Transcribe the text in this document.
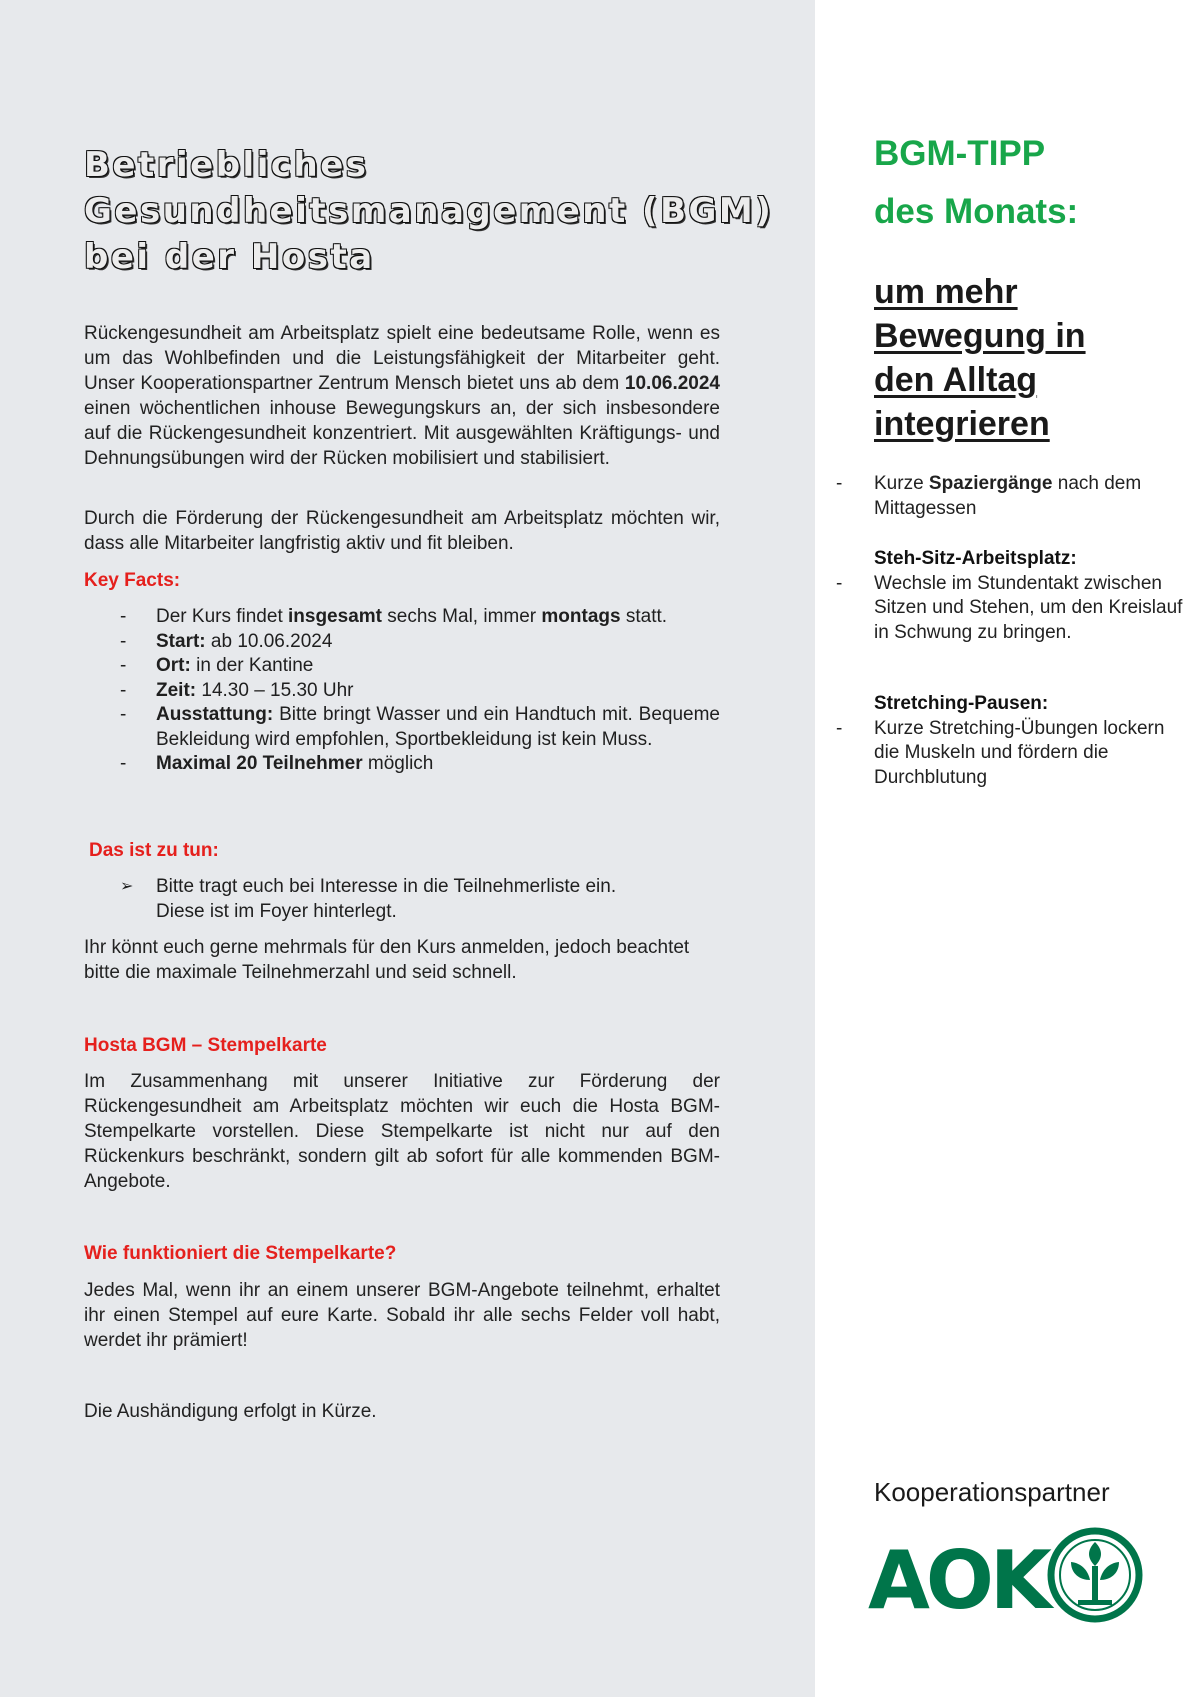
Betriebliches
Gesundheitsmanagement (BGM)
bei der Hosta
Rückengesundheit am Arbeitsplatz spielt eine bedeutsame Rolle, wenn es um das Wohlbefinden und die Leistungsfähigkeit der Mitarbeiter geht. Unser Kooperationspartner Zentrum Mensch bietet uns ab dem 10.06.2024 einen wöchentlichen inhouse Bewegungskurs an, der sich insbesondere auf die Rückengesundheit konzentriert. Mit ausgewählten Kräftigungs- und Dehnungsübungen wird der Rücken mobilisiert und stabilisiert.
Durch die Förderung der Rückengesundheit am Arbeitsplatz möchten wir, dass alle Mitarbeiter langfristig aktiv und fit bleiben.
Key Facts:
- Der Kurs findet insgesamt sechs Mal, immer montags statt.
- Start: ab 10.06.2024
- Ort: in der Kantine
- Zeit: 14.30 – 15.30 Uhr
- Ausstattung: Bitte bringt Wasser und ein Handtuch mit. Bequeme Bekleidung wird empfohlen, Sportbekleidung ist kein Muss.
- Maximal 20 Teilnehmer möglich
Das ist zu tun:
➢ Bitte tragt euch bei Interesse in die Teilnehmerliste ein.
Diese ist im Foyer hinterlegt.
Ihr könnt euch gerne mehrmals für den Kurs anmelden, jedoch beachtet bitte die maximale Teilnehmerzahl und seid schnell.
Hosta BGM – Stempelkarte
Im Zusammenhang mit unserer Initiative zur Förderung der Rückengesundheit am Arbeitsplatz möchten wir euch die Hosta BGM-Stempelkarte vorstellen. Diese Stempelkarte ist nicht nur auf den Rückenkurs beschränkt, sondern gilt ab sofort für alle kommenden BGM-Angebote.
Wie funktioniert die Stempelkarte?
Jedes Mal, wenn ihr an einem unserer BGM-Angebote teilnehmt, erhaltet ihr einen Stempel auf eure Karte. Sobald ihr alle sechs Felder voll habt, werdet ihr prämiert!
Die Aushändigung erfolgt in Kürze.
BGM-TIPP
des Monats:
um mehr
Bewegung in
den Alltag
integrieren
- Kurze Spaziergänge nach dem Mittagessen
Steh-Sitz-Arbeitsplatz:
- Wechsle im Stundentakt zwischen Sitzen und Stehen, um den Kreislauf in Schwung zu bringen.
Stretching-Pausen:
- Kurze Stretching-Übungen lockern die Muskeln und fördern die Durchblutung
Kooperationspartner
AOK
